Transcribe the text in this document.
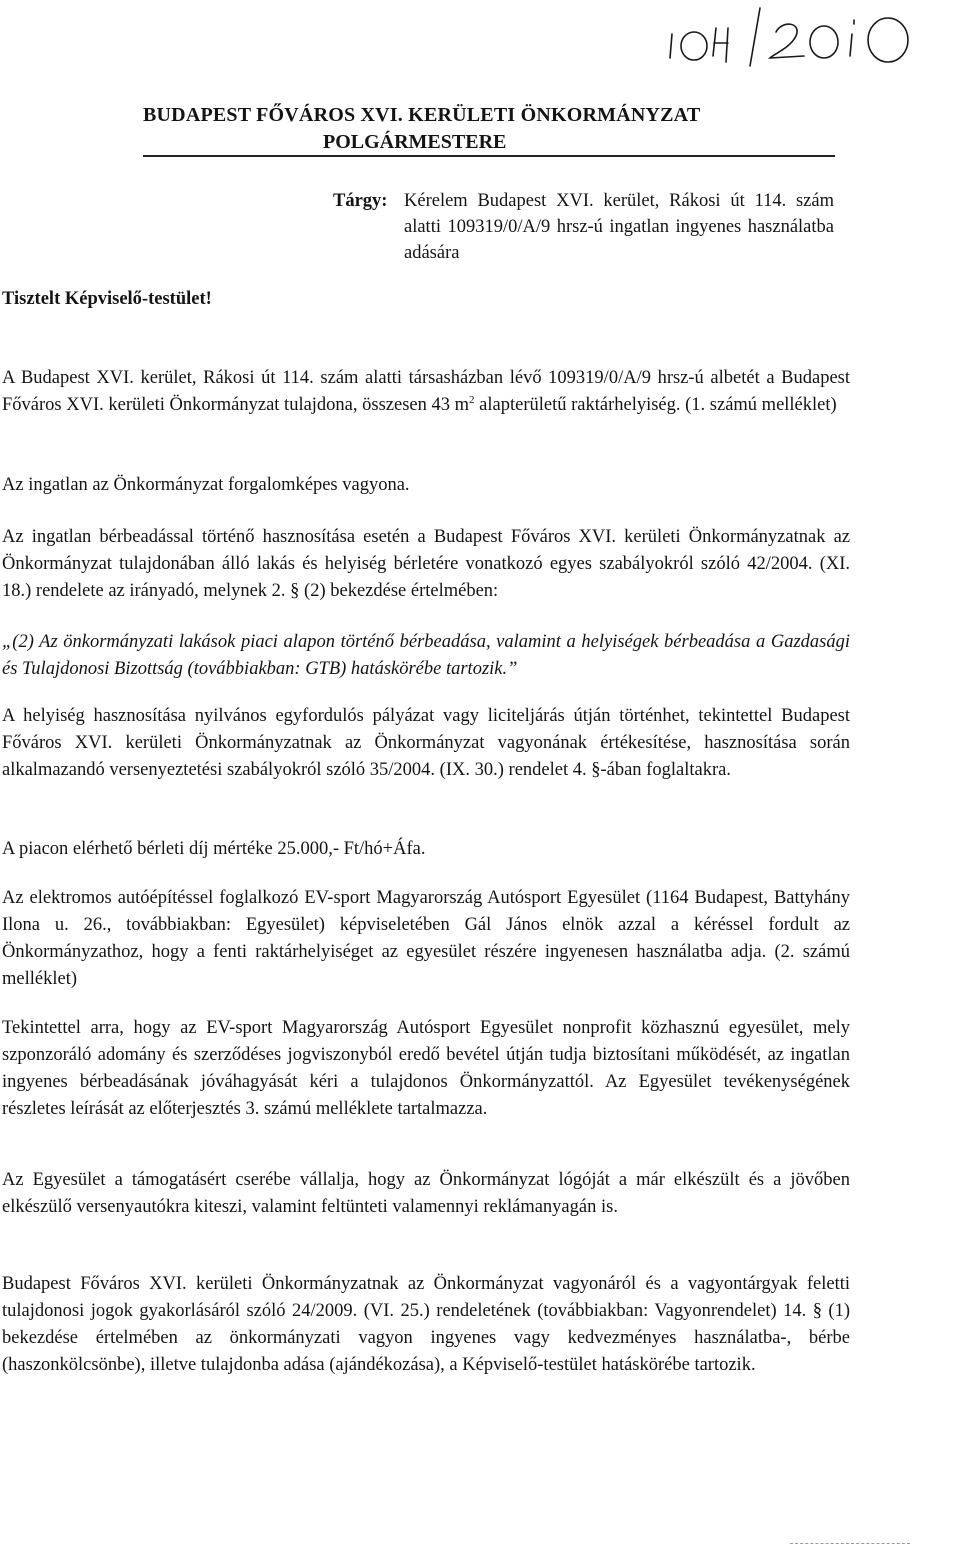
BUDAPEST FŐVÁROS XVI. KERÜLETI ÖNKORMÁNYZAT
POLGÁRMESTERE
Tárgy: Kérelem Budapest XVI. kerület, Rákosi út 114. szám alatti 109319/0/A/9 hrsz-ú ingatlan ingyenes használatba adására
Tisztelt Képviselő-testület!

A Budapest XVI. kerület, Rákosi út 114. szám alatti társasházban lévő 109319/0/A/9 hrsz-ú albetét a Budapest Főváros XVI. kerületi Önkormányzat tulajdona, összesen 43 $m^2$ alapterületű raktárhelyiség. (1. számú melléklet)

Az ingatlan az Önkormányzat forgalomképes vagyona.

Az ingatlan bérbeadással történő hasznosítása esetén a Budapest Főváros XVI. kerületi Önkormányzatnak az Önkormányzat tulajdonában álló lakás és helyiség bérletére vonatkozó egyes szabályokról szóló 42/2004. (XI. 18.) rendelete az irányadó, melynek 2. § (2) bekezdése értelmében:

„(2) Az önkormányzati lakások piaci alapon történő bérbeadása, valamint a helyiségek bérbeadása a Gazdasági és Tulajdonosi Bizottság (továbbiakban: GTB) hatáskörébe tartozik.”

A helyiség hasznosítása nyilvános egyfordulós pályázat vagy liciteljárás útján történhet, tekintettel Budapest Főváros XVI. kerületi Önkormányzatnak az Önkormányzat vagyonának értékesítése, hasznosítása során alkalmazandó versenyeztetési szabályokról szóló 35/2004. (IX. 30.) rendelet 4. §-ában foglaltakra.

A piacon elérhető bérleti díj mértéke 25.000,- Ft/hó+Áfa.

Az elektromos autóépítéssel foglalkozó EV-sport Magyarország Autósport Egyesület (1164 Budapest, Battyhány Ilona u. 26., továbbiakban: Egyesület) képviseletében Gál János elnök azzal a kéréssel fordult az Önkormányzathoz, hogy a fenti raktárhelyiséget az egyesület részére ingyenesen használatba adja. (2. számú melléklet)

Tekintettel arra, hogy az EV-sport Magyarország Autósport Egyesület nonprofit közhasznú egyesület, mely szponzoráló adomány és szerződéses jogviszonyból eredő bevétel útján tudja biztosítani működését, az ingatlan ingyenes bérbeadásának jóváhagyását kéri a tulajdonos Önkormányzattól. Az Egyesület tevékenységének részletes leírását az előterjesztés 3. számú melléklete tartalmazza.

Az Egyesület a támogatásért cserébe vállalja, hogy az Önkormányzat lógóját a már elkészült és a jövőben elkészülő versenyautókra kiteszi, valamint feltünteti valamennyi reklámanyagán is.

Budapest Főváros XVI. kerületi Önkormányzatnak az Önkormányzat vagyonáról és a vagyontárgyak feletti tulajdonosi jogok gyakorlásáról szóló 24/2009. (VI. 25.) rendeletének (továbbiakban: Vagyonrendelet) 14. § (1) bekezdése értelmében az önkormányzati vagyon ingyenes vagy kedvezményes használatba-, bérbe (haszonkölcsönbe), illetve tulajdonba adása (ajándékozása), a Képviselő-testület hatáskörébe tartozik.
